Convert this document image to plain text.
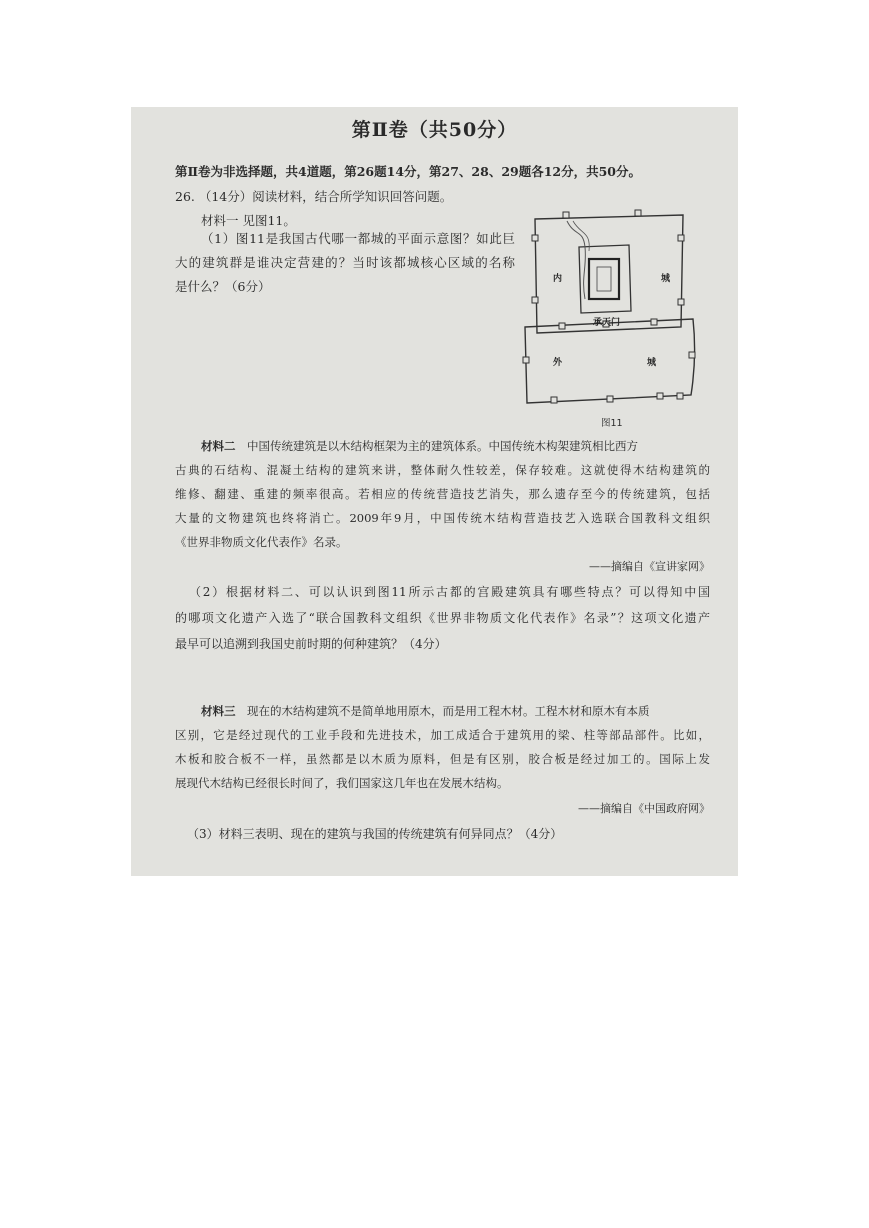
第Ⅱ卷（共50分）
第Ⅱ卷为非选择题，共4道题，第26题14分，第27、28、29题各12分，共50分。
26. （14分）阅读材料，结合所学知识回答问题。
材料一 见图11。
（1）图11是我国古代哪一都城的平面示意图？如此巨
大的建筑群是谁决定营建的？当时该都城核心区域的名称
是什么？（6分）	内	城
承天门
外	城
图11
材料二　 中国传统建筑是以木结构框架为主的建筑体系。中国传统木构架建筑相比西方
古典的石结构、混凝土结构的建筑来讲，整体耐久性较差，保存较难。这就使得木结构建筑的
维修、翻建、重建的频率很高。若相应的传统营造技艺消失，那么遗存至今的传统建筑，包括
大量的文物建筑也终将消亡。2009年9月，中国传统木结构营造技艺入选联合国教科文组织
《世界非物质文化代表作》名录。
——摘编自《宣讲家网》
（2）根据材料二、可以认识到图11所示古都的宫殿建筑具有哪些特点？可以得知中国
的哪项文化遗产入选了“联合国教科文组织《世界非物质文化代表作》名录”？这项文化遗产
最早可以追溯到我国史前时期的何种建筑？（4分）
材料三　 现在的木结构建筑不是简单地用原木，而是用工程木材。工程木材和原木有本质
区别，它是经过现代的工业手段和先进技术，加工成适合于建筑用的梁、柱等部品部件。比如，
木板和胶合板不一样，虽然都是以木质为原料，但是有区别，胶合板是经过加工的。国际上发
展现代木结构已经很长时间了，我们国家这几年也在发展木结构。
——摘编自《中国政府网》
（3）材料三表明、现在的建筑与我国的传统建筑有何异同点？（4分）
